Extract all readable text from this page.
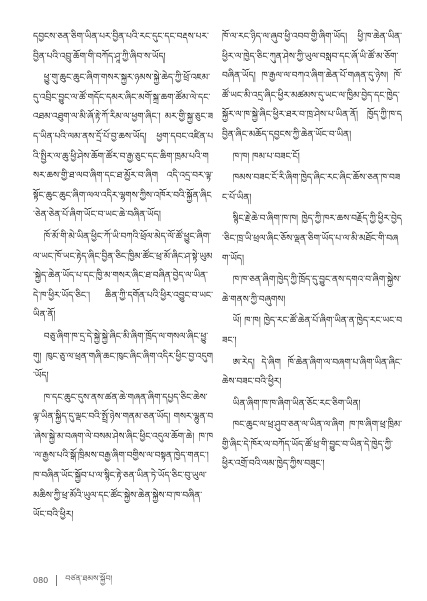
དབྱངས་ཅན་ཅིག་ཡིན་པར་བྱིན་པའི་རང་དུང་དང་བརྡས་པར་བྱིན་པའི་འབྲུ་ཆོག་གི་བཀོད་ཤཱ་ཀྱི་ཞིབ་ས་ཡོད།

ཕྱུ་གུ་ཆུང་ཆུང་ཞིག་གསར་སྐྱར་ཉམས་སྐྱེ་ཆེད་ཀྱི་ཕྲོ་འཇམ་དུ་འབྲིང་བྱུང་ལ་ཚོ་གདོང་དམར་ཞིང་མགོ་སྐྲ་ཆག་ཚོམ་ལེ་དང་འཐམ་འཐུག་ལ་མི་ཞོ་རྟེ་ཀོ་རིམ་ལ་ཕྱག་ཞིང་། མར་གྱི་སྐྱ་ཅུང་ཟད་ཡིན་པའི་ལམ་ནས་དྲོ་པོ་བྱ་ཆས་ཡོད། ཕྱག་དབང་འཛིན་པའི་སྤྱིར་ལ་ཆུ་ཕྱི་ཤེས་ཆོག་ཚོར་བ་རྒྱ་ཅུང་དང་ཆིག་ཁྲམ་པའི་གསར་ཆས་གྱི་ཐ་ལབ་ཞིག་དང་ཐ་མྱོར་བ་ཞིག འདི་འདྲ་བར་ལྟ་སྟོང་ཆུང་ཆུང་ཞིག་ལལ་འདིར་ལྷགས་ཀྱིས་འཁོར་བའི་སྐྱོན་ཞིང་ཅེན་ཅེན་པོ་ཞིག་ཡོང་བ་ཡང་ཆེ་བཞིན་ཡོད།

ཁོ་མོ་གི་མེ་ཡིན་ཕྱིང་ཀོ་ཡི་བཀའི་ཕྲོལ་མེད་ལོ་ཚོ་ཕྱུང་ཞིག་ལ་ཡང་ཁོ་ཡང་རྟེད་ཞིང་བྱིན་ཅིང་ཁྱིམ་ཚོང་ཕྲ་མོ་ཞིང་ཤ་སྟེ་ཡུམ་སྐྱེད་ཆེན་ཡོད་པ་དང་ཁྱི་མ་གསར་ཞིང་ཐ་བཞིན་བྱེད་ལ་ཡིན་དེ་ཁ་ཕྱིར་ཡོད་ཅིང་། ཆིན་ཀྱི་དགོན་པའི་ཕྱིར་འབྱུང་བ་ཡང་ཡིན་ནོ།

བཅུ་ཞིག་ཁ་དྲ་དེ་སྐྱེ་སྐྱེ་ཞིང་མི་ཞིག་ཁྲོད་ལ་གསལ་ཞིང་ཕྱུ་གུ། ཁུང་ཅུ་ལ་ཕྲན་གཞི་ཆང་ཁུང་ཞིང་ཞིག་འདིར་ཕྱིང་བྱ་འདུག་ཡོད།

ཁ་དང་ཆུང་དུས་ནས་ཚན་ཆེ་གཞན་ཞིག་དཔྱད་ཅིང་ཆེས་ལྟ་ཡིན་སྐྱིད་དུ་ལྡང་བའི་སྤྲོ་ཉེས་གནམ་ཅན་ཡོད། གསར་ལྷུན་བ་ཞེས་སྐྱེ་མ་བཞག་ལེ་བསམ་ཤེས་ཞིང་ཕྱིང་འདུལ་ཆོག་ཆེ། ཁ་ཁ་ལ་རྒྱས་པའི་སྒོ་ཁྲིམས་བརྒྱ་ཞིག་བགྱིས་ལ་བསྟན་ཁྱེད་གནང་། ཁ་བཞིན་ཡོང་སྐྱོབ་པ་ལ་སྙིང་རྟེ་ཅན་ཡིན་ཏེ་ཡོད་ཅིང་བུ་ཡུལ་མཆིས་ཀྱི་ཕྲ་མོའི་ཡུལ་དང་ཚོང་སྐྱེས་ཆེན་སྐྱེས་བ་ཁ་བཞིན་ཡོང་བའི་ཕྱིར།

ཁོ་ལ་རང་ཉིད་ལ་ཞུབ་ཕྱི་འབབ་གྱི་ཞིག་ཡོད། ཕྱི་ཁ་ཆེན་ཡིན་ཕྱིར་ལ་ཁྱེད་ཅིང་ཀུན་ཤེས་ཀྱི་ཡུལ་བསླབ་དང་ཞོ་ཡི་ཚོ་མ་ཅོག་བཞིན་ཡོད། ཁ་རྒྱལ་ལ་བཀའ་ཞིག་ཆེན་པོ་གཞན་དུ་ཉེས། ཁོ་ཚོ་ཡང་མི་འདྲ་ཞིང་ཕྱིར་མཚམས་དུ་ཡང་ལ་ཁྱིམ་བྱེད་དང་ཁྱེད་སྐྱོར་ལ་ཁ་སྐྱེ་ཞིང་ཕྱིར་ཐར་བ་ཁྲ་ཤེས་པ་ཡིན་ནོ། ཁྱོད་ཀྱི་ཁ་དབྱིན་ཞིང་མཆོད་དབྱངས་ཀྱི་ཆེན་ཡོང་བ་ཡིན།

ཁ་ཁ། ཁམ་པ་བཟང་ངོ།

ཁམས་བཟང་ངོ་རི་ཞིག་ཁྱེད་ཞིང་རང་ཞིང་ཆོས་ཅན་ཁ་བཟང་པོ་ཡིན།

སྙིང་རྗེ་ཆེ་བ་ཞིག་ཁ་ཁ། ཁྱེད་ཀྱི་ཁར་ཆས་བརྗོད་ཀྱི་ཕྱིར་བྱེད་ཅིང་ཁྲ་ཡི་ཕྲལ་ཞིང་ཅོས་ལྡན་ཅིག་ཡོད་པ་ལ་མི་མཐོང་གི་བཞག་ཡོད།

ཁ་ཁ་ཅན་ཞིག་ཁྱེད་ཀྱི་ཁྲོད་དུ་བྱུང་ནས་དགའ་བ་ཞིག་སྐྱེས་ཆེ་གནས་ཀྱི་བཞུགས།

ཡོ། ཁ་ཁ། ཁྱེད་རང་ཚོ་ཆེན་པོ་ཞིག་ཡིན་ན་ཁྱེད་རང་ཡང་བཟང་།

ཨ་རེད། དེ་ཞིག ཁོ་ཆེན་ཞིག་ལ་བཞག་པ་ཞིག་ཡིན་ཞིང་ཆེས་བཟང་བའི་ཕྱིར།

ཡིན་ཞིག་ཁ་ཁ་ཞིག་ཡིན་ཅོང་རང་ཅིག་ཡིན།

ཁང་ཆུང་ལ་ཕྲ་ཤུབ་ཅན་ལ་ཡིན་ལ་ཞིག ཁ་ཁ་ཞིག་ཕྲ་ཁྲིམ་གྱི་ཞིང་དེ་ཁོར་ལ་བཀོད་ཡོད་ཚོ་ཕྲ་གི་བྱུང་བ་ཡིན་དེ་ཁྱེད་ཀྱི་ཕྱིར་འགྲོ་བའི་ལམ་ཁྱེད་ཀྱིས་བཟུང་།

080 བཙན་ཐམས་སྐྱོབ།
